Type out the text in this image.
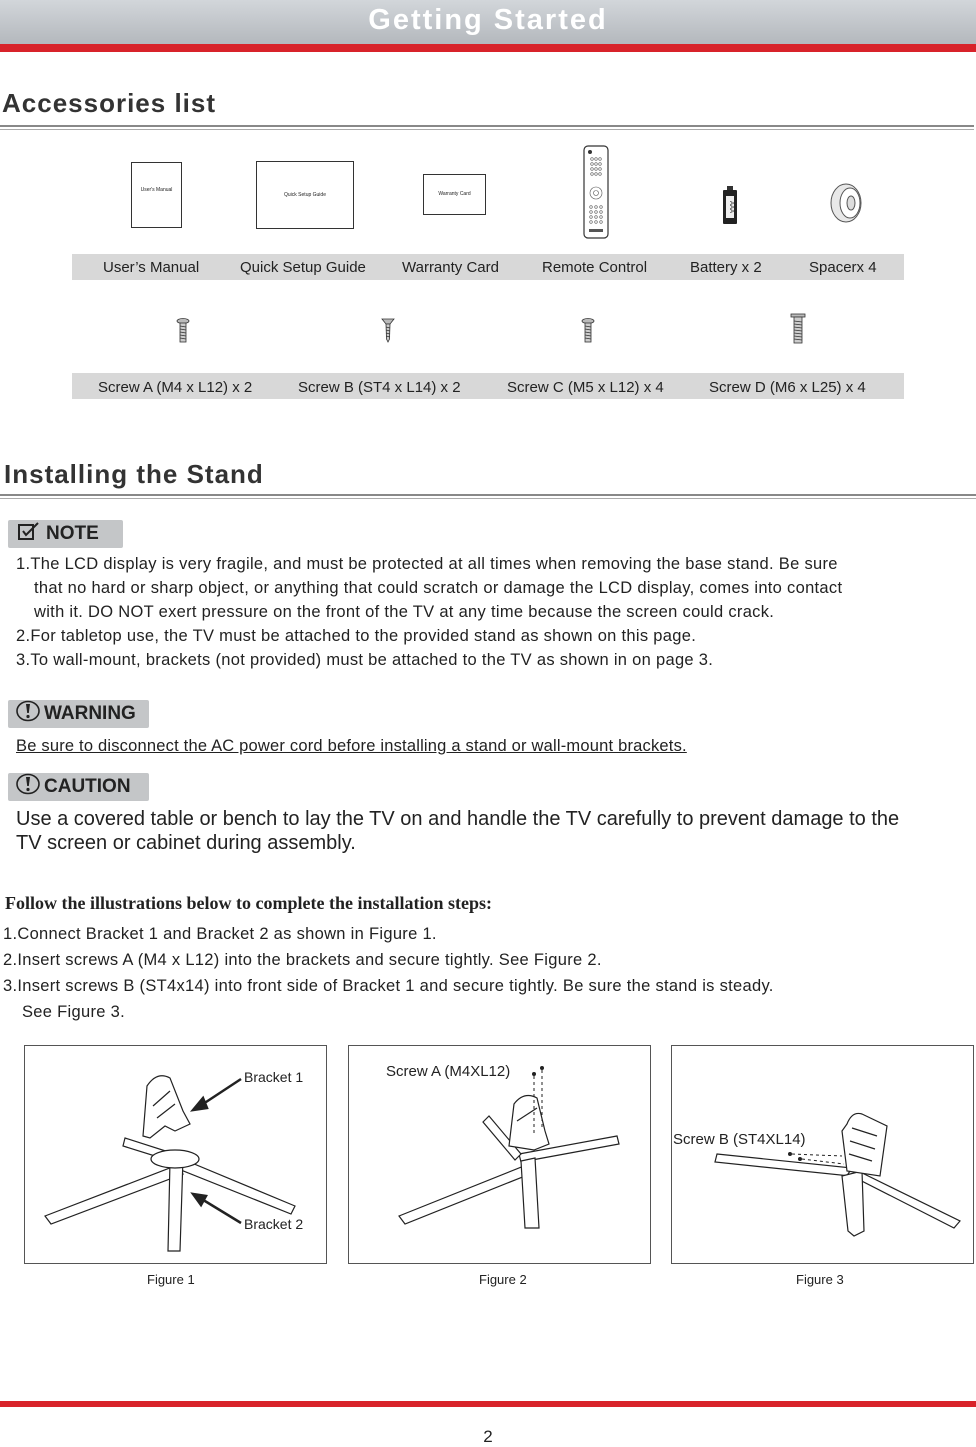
Getting Started
Accessories list
User's Manual
Quick Setup Guide	Warranty Card
AAA
User’s Manual	Quick Setup Guide Warranty Card	Remote Control	Battery x 2	Spacerx 4
Screw A (M4 x L12) x 2	Screw B (ST4 x L14) x 2	Screw C (M5 x L12) x 4	Screw D (M6 x L25) x 4
Installing the Stand
NOTE
1.The LCD display is very fragile, and must be protected at all times when removing the base stand. Be sure
that no hard or sharp object, or anything that could scratch or damage the LCD display, comes into contact
with it. DO NOT exert pressure on the front of the TV at any time because the screen could crack.
2.For tabletop use, the TV must be attached to the provided stand as shown on this page.
3.To wall-mount, brackets (not provided) must be attached to the TV as shown in on page 3.
WARNING
Be sure to disconnect the AC power cord before installing a stand or wall-mount brackets.
CAUTION
Use a covered table or bench to lay the TV on and handle the TV carefully to prevent damage to the
TV screen or cabinet during assembly.
Follow the illustrations below to complete the installation steps:
1.Connect Bracket 1 and Bracket 2 as shown in Figure 1.
2.Insert screws A (M4 x L12) into the brackets and secure tightly. See Figure 2.
3.Insert screws B (ST4x14) into front side of Bracket 1 and secure tightly. Be sure the stand is steady.
See Figure 3.
Bracket 1
Bracket 2
Screw A (M4XL12)
Screw B (ST4XL14)
Figure 1	Figure 2	Figure 3
2
